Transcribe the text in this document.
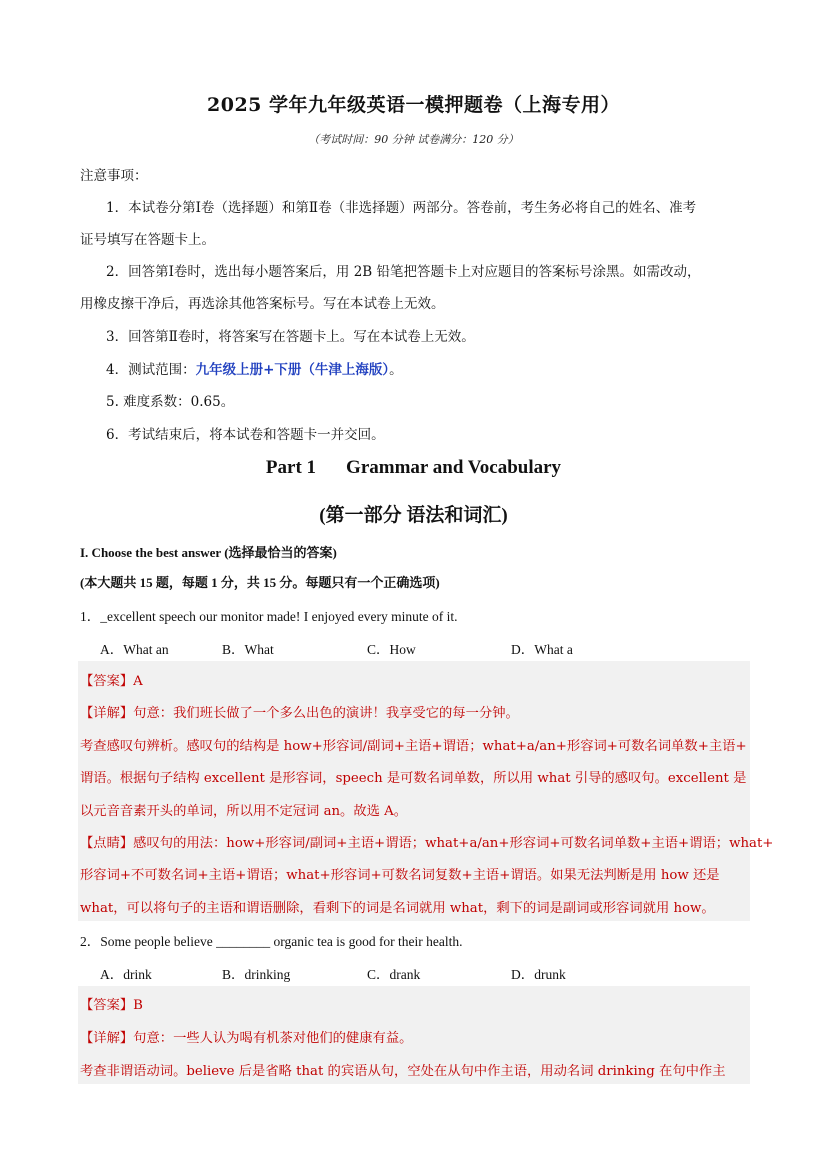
2025 学年九年级英语一模押题卷（上海专用）
（考试时间：90 分钟 试卷满分：120 分）
注意事项：
1．本试卷分第Ⅰ卷（选择题）和第Ⅱ卷（非选择题）两部分。答卷前，考生务必将自己的姓名、准考
证号填写在答题卡上。
2．回答第Ⅰ卷时，选出每小题答案后，用 2B 铅笔把答题卡上对应题目的答案标号涂黑。如需改动，
用橡皮擦干净后，再选涂其他答案标号。写在本试卷上无效。
3．回答第Ⅱ卷时，将答案写在答题卡上。写在本试卷上无效。
4．测试范围：九年级上册+下册（牛津上海版）。
5. 难度系数：0.65。
6．考试结束后，将本试卷和答题卡一并交回。
Part 1 Grammar and Vocabulary
(第一部分 语法和词汇)
I. Choose the best answer (选择最恰当的答案)
(本大题共 15 题，每题 1 分，共 15 分。每题只有一个正确选项)
1．_excellent speech our monitor made! I enjoyed every minute of it.
A．What an	B．What	C．How	D．What a
【答案】A
【详解】句意：我们班长做了一个多么出色的演讲！我享受它的每一分钟。
考查感叹句辨析。感叹句的结构是 how+形容词/副词+主语+谓语；what+a/an+形容词+可数名词单数+主语+
谓语。根据句子结构 excellent 是形容词，speech 是可数名词单数，所以用 what 引导的感叹句。excellent 是
以元音音素开头的单词，所以用不定冠词 an。故选 A。
【点睛】感叹句的用法：how+形容词/副词+主语+谓语；what+a/an+形容词+可数名词单数+主语+谓语；what+
形容词+不可数名词+主语+谓语；what+形容词+可数名词复数+主语+谓语。如果无法判断是用 how 还是
what，可以将句子的主语和谓语删除，看剩下的词是名词就用 what，剩下的词是副词或形容词就用 how。
2．Some people believe ________ organic tea is good for their health.
A．drink	B．drinking	C．drank	D．drunk
【答案】B
【详解】句意：一些人认为喝有机茶对他们的健康有益。
考查非谓语动词。believe 后是省略 that 的宾语从句，空处在从句中作主语，用动名词 drinking 在句中作主
